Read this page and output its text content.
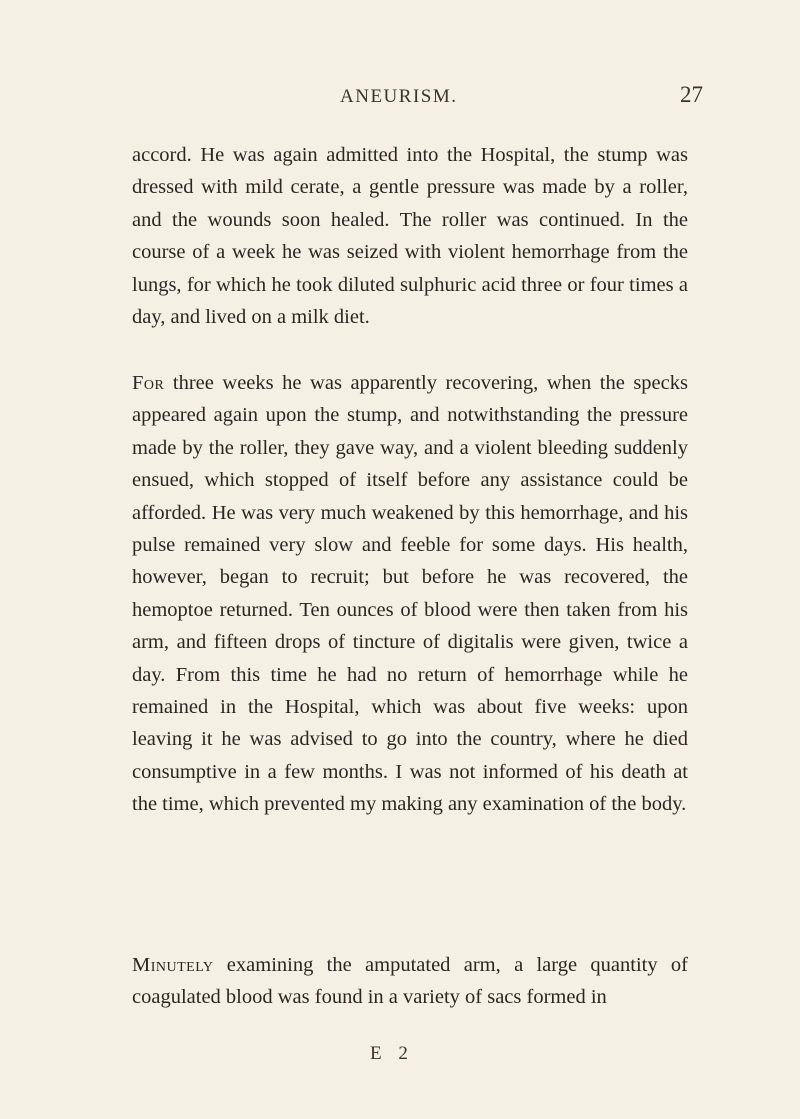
ANEURISM.	27

accord. He was again admitted into the Hospital, the stump was dressed with mild cerate, a gentle pressure was made by a roller, and the wounds soon healed. The roller was continued. In the course of a week he was seized with violent hemorrhage from the lungs, for which he took diluted sulphuric acid three or four times a day, and lived on a milk diet.

For three weeks he was apparently recovering, when the specks appeared again upon the stump, and notwithstanding the pressure made by the roller, they gave way, and a violent bleeding suddenly ensued, which stopped of itself before any assistance could be afforded. He was very much weakened by this hemorrhage, and his pulse remained very slow and feeble for some days. His health, however, began to recruit; but before he was recovered, the hemoptoe returned. Ten ounces of blood were then taken from his arm, and fifteen drops of tincture of digitalis were given, twice a day. From this time he had no return of hemorrhage while he remained in the Hospital, which was about five weeks: upon leaving it he was advised to go into the country, where he died consumptive in a few months. I was not informed of his death at the time, which prevented my making any examination of the body.

Minutely examining the amputated arm, a large quantity of coagulated blood was found in a variety of sacs formed in

E 2
